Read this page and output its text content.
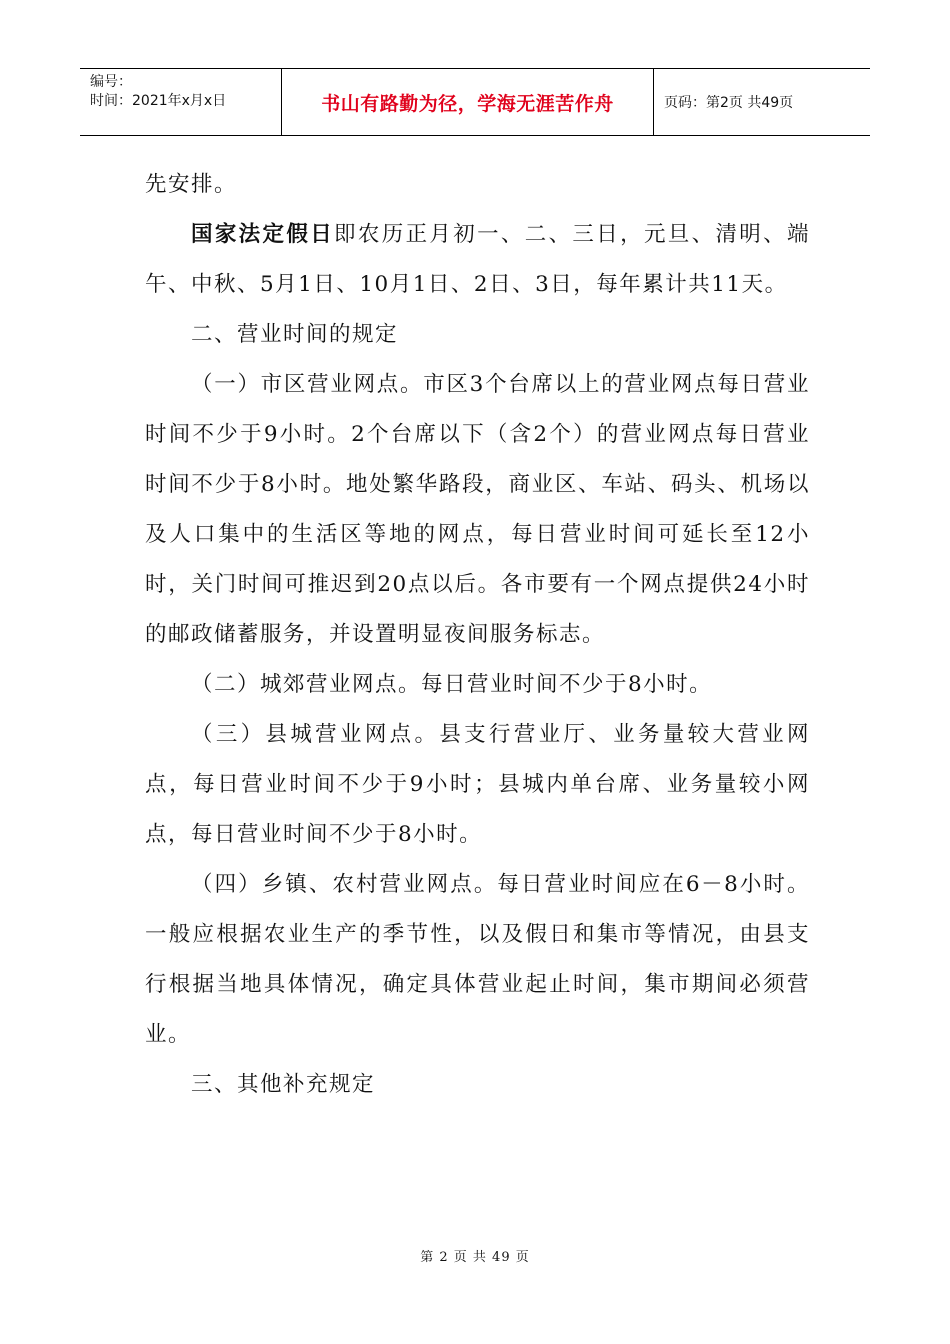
编号：
时间：2021年x月x日	书山有路勤为径，学海无涯苦作舟	页码：第2页 共49页

先安排。

国家法定假日即农历正月初一、二、三日，元旦、清明、端午、中秋、5月1日、10月1日、2日、3日，每年累计共11天。

二、营业时间的规定

（一）市区营业网点。市区3个台席以上的营业网点每日营业时间不少于9小时。2个台席以下（含2个）的营业网点每日营业时间不少于8小时。地处繁华路段，商业区、车站、码头、机场以及人口集中的生活区等地的网点，每日营业时间可延长至12小时，关门时间可推迟到20点以后。各市要有一个网点提供24小时的邮政储蓄服务，并设置明显夜间服务标志。

（二）城郊营业网点。每日营业时间不少于8小时。

（三）县城营业网点。县支行营业厅、业务量较大营业网点，每日营业时间不少于9小时；县城内单台席、业务量较小网点，每日营业时间不少于8小时。

（四）乡镇、农村营业网点。每日营业时间应在6－8小时。一般应根据农业生产的季节性，以及假日和集市等情况，由县支行根据当地具体情况，确定具体营业起止时间，集市期间必须营业。

三、其他补充规定

第 2 页 共 49 页
